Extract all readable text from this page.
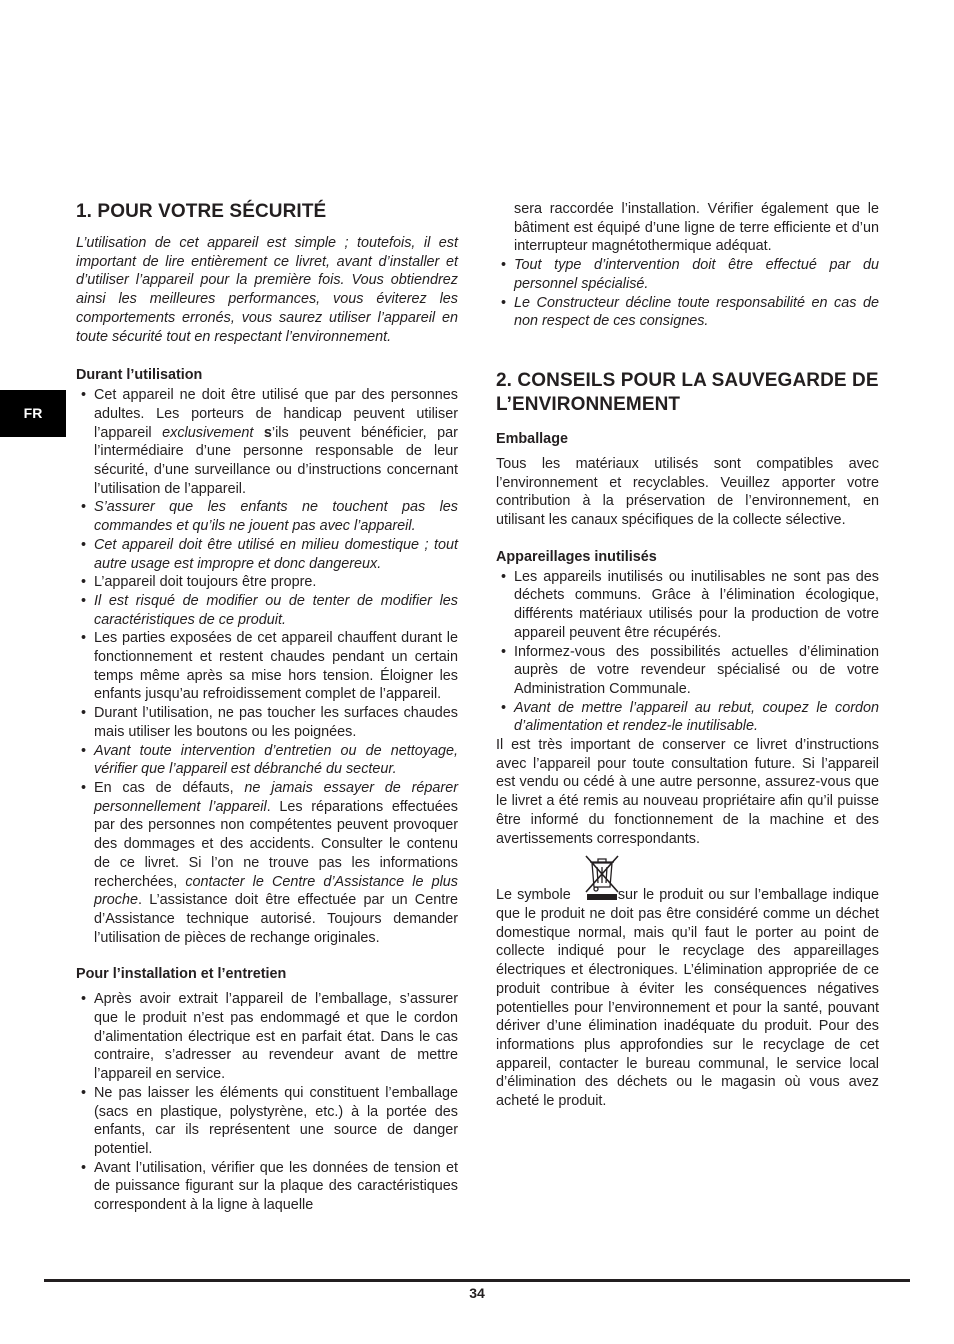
FR
1. POUR VOTRE SÉCURITÉ

L’utilisation de cet appareil est simple ; toutefois, il est important de lire entièrement ce livret, avant d’installer et d’utiliser l’appareil pour la première fois. Vous obtiendrez ainsi les meilleures performances, vous éviterez les comportements erronés, vous saurez utiliser l’appareil en toute sécurité tout en respectant l’environnement.

Durant l’utilisation
• Cet appareil ne doit être utilisé que par des personnes adultes. Les porteurs de handicap peuvent utiliser l’appareil exclusivement s’ils peuvent bénéficier, par l’intermédiaire d’une personne responsable de leur sécurité, d’une surveillance ou d’instructions concernant l’utilisation de l’appareil.
• S’assurer que les enfants ne touchent pas les commandes et qu’ils ne jouent pas avec l’appareil.
• Cet appareil doit être utilisé en milieu domestique ; tout autre usage est impropre et donc dangereux.
• L’appareil doit toujours être propre.
• Il est risqué de modifier ou de tenter de modifier les caractéristiques de ce produit.
• Les parties exposées de cet appareil chauffent durant le fonctionnement et restent chaudes pendant un certain temps même après sa mise hors tension. Éloigner les enfants jusqu’au refroidissement complet de l’appareil.
• Durant l’utilisation, ne pas toucher les surfaces chaudes mais utiliser les boutons ou les poignées.
• Avant toute intervention d’entretien ou de nettoyage, vérifier que l’appareil est débranché du secteur.
• En cas de défauts, ne jamais essayer de réparer personnellement l’appareil. Les réparations effectuées par des personnes non compétentes peuvent provoquer des dommages et des accidents. Consulter le contenu de ce livret. Si l’on ne trouve pas les informations recherchées, contacter le Centre d’Assistance le plus proche. L’assistance doit être effectuée par un Centre d’Assistance technique autorisé. Toujours demander l’utilisation de pièces de rechange originales.
Pour l’installation et l’entretien
• Après avoir extrait l’appareil de l’emballage, s’assurer que le produit n’est pas endommagé et que le cordon d’alimentation électrique est en parfait état. Dans le cas contraire, s’adresser au revendeur avant de mettre l’appareil en service.
• Ne pas laisser les éléments qui constituent l’emballage (sacs en plastique, polystyrène, etc.) à la portée des enfants, car ils représentent une source de danger potentiel.
• Avant l’utilisation, vérifier que les données de tension et de puissance figurant sur la plaque des caractéristiques correspondent à la ligne à laquelle

sera raccordée l’installation. Vérifier également que le bâtiment est équipé d’une ligne de terre efficiente et d’un interrupteur magnétothermique adéquat.

• Tout type d’intervention doit être effectué par du personnel spécialisé.
• Le Constructeur décline toute responsabilité en cas de non respect de ces consignes.
2. CONSEILS POUR LA SAUVEGARDE DE L’ENVIRONNEMENT
Emballage

Tous les matériaux utilisés sont compatibles avec l’environnement et recyclables. Veuillez apporter votre contribution à la préservation de l’environnement, en utilisant les canaux spécifiques de la collecte sélective.

Appareillages inutilisés
• Les appareils inutilisés ou inutilisables ne sont pas des déchets communs. Grâce à l’élimination écologique, différents matériaux utilisés pour la production de votre appareil peuvent être récupérés.
• Informez-vous des possibilités actuelles d’élimination auprès de votre revendeur spécialisé ou de votre Administration Communale.
• Avant de mettre l’appareil au rebut, coupez le cordon d’alimentation et rendez-le inutilisable.

Il est très important de conserver ce livret d’instructions avec l’appareil pour toute consultation future. Si l’appareil est vendu ou cédé à une autre personne, assurez-vous que le livret a été remis au nouveau propriétaire afin qu’il puisse être informé du fonctionnement de la machine et des avertissements correspondants.

Le symbole	sur le produit ou sur l’emballage indique que le produit ne doit pas être considéré comme un déchet domestique normal, mais qu’il faut le porter au point de collecte indiqué pour le recyclage des appareillages électriques et électroniques. L’élimination appropriée de ce produit contribue à éviter les conséquences négatives potentielles pour l’environnement et pour la santé, pouvant dériver d’une élimination inadéquate du produit. Pour des informations plus approfondies sur le recyclage de cet appareil, contacter le bureau communal, le service local d’élimination des déchets ou le magasin où vous avez acheté le produit.

34
